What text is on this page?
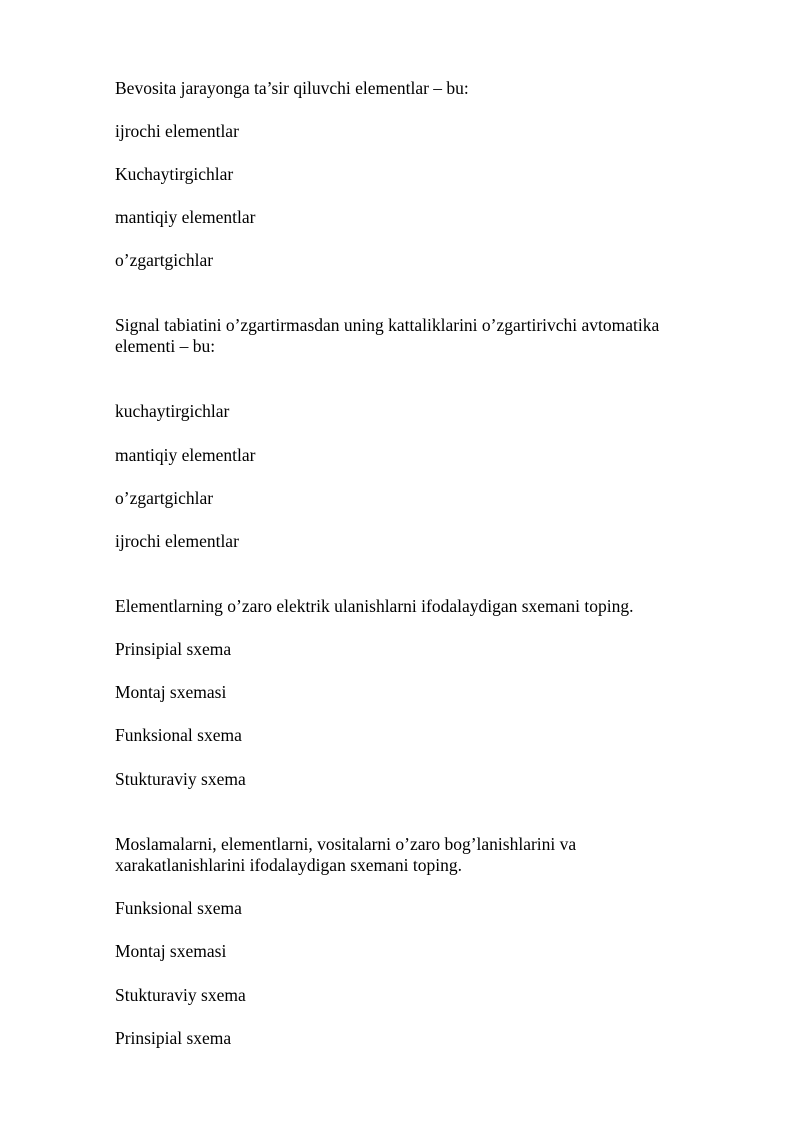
Bevosita jarayonga ta’sir qiluvchi elementlar – bu:
ijrochi elementlar
Kuchaytirgichlar
mantiqiy elementlar
o’zgartgichlar
Signal tabiatini o’zgartirmasdan uning kattaliklarini o’zgartirivchi avtomatika
elementi – bu:
kuchaytirgichlar
mantiqiy elementlar
o’zgartgichlar
ijrochi elementlar
Elementlarning o’zaro elektrik ulanishlarni ifodalaydigan sxemani toping.
Prinsipial sxema
Montaj sxemasi
Funksional sxema
Stukturaviy sxema
Moslamalarni, elementlarni, vositalarni o’zaro bog’lanishlarini va
xarakatlanishlarini ifodalaydigan sxemani toping.
Funksional sxema
Montaj sxemasi
Stukturaviy sxema
Prinsipial sxema
